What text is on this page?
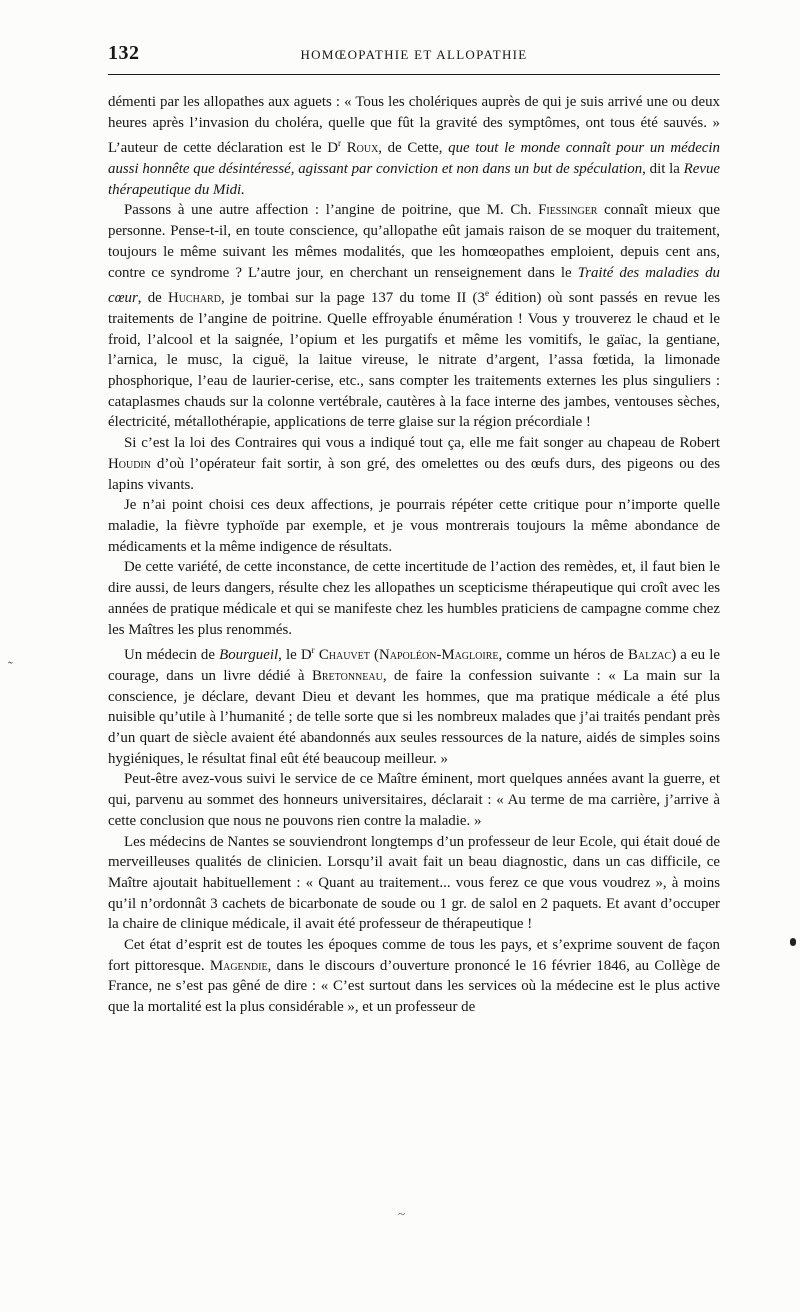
132	HOMŒOPATHIE ET ALLOPATHIE

démenti par les allopathes aux aguets : « Tous les cholériques auprès de qui je suis arrivé une ou deux heures après l’invasion du choléra, quelle que fût la gravité des symptômes, ont tous été sauvés. » L’auteur de cette déclaration est le $D^r$ Roux, de Cette, que tout le monde connaît pour un médecin aussi honnête que désintéressé, agissant par conviction et non dans un but de spéculation, dit la Revue thérapeutique du Midi.

Passons à une autre affection : l’angine de poitrine, que M. Ch. Fiessinger connaît mieux que personne. Pense-t-il, en toute conscience, qu’allopathe eût jamais raison de se moquer du traitement, toujours le même suivant les mêmes modalités, que les homœopathes emploient, depuis cent ans, contre ce syndrome ? L’autre jour, en cherchant un renseignement dans le Traité des maladies du cœur, de Huchard, je tombai sur la page 137 du tome II (3e édition) où sont passés en revue les traitements de l’angine de poitrine. Quelle effroyable énumération ! Vous y trouverez le chaud et le froid, l’alcool et la saignée, l’opium et les purgatifs et même les vomitifs, le gaïac, la gentiane, l’arnica, le musc, la ciguë, la laitue vireuse, le nitrate d’argent, l’assa fœtida, la limonade phosphorique, l’eau de laurier-cerise, etc., sans compter les traitements externes les plus singuliers : cataplasmes chauds sur la colonne vertébrale, cautères à la face interne des jambes, ventouses sèches, électricité, métallothérapie, applications de terre glaise sur la région précordiale !

Si c’est la loi des Contraires qui vous a indiqué tout ça, elle me fait songer au chapeau de Robert Houdin d’où l’opérateur fait sortir, à son gré, des omelettes ou des œufs durs, des pigeons ou des lapins vivants.

Je n’ai point choisi ces deux affections, je pourrais répéter cette critique pour n’importe quelle maladie, la fièvre typhoïde par exemple, et je vous montrerais toujours la même abondance de médicaments et la même indigence de résultats.

De cette variété, de cette inconstance, de cette incertitude de l’action des remèdes, et, il faut bien le dire aussi, de leurs dangers, résulte chez les allopathes un scepticisme thérapeutique qui croît avec les années de pratique médicale et qui se manifeste chez les humbles praticiens de campagne comme chez les Maîtres les plus renommés.

Un médecin de Bourgueil, le $D^r$ Chauvet (Napoléon-Magloire, comme un héros de Balzac) a eu le courage, dans un livre dédié à Bretonneau, de faire la confession suivante : « La main sur la conscience, je déclare, devant Dieu et devant les hommes, que ma pratique médicale a été plus nuisible qu’utile à l’humanité ; de telle sorte que si les nombreux malades que j’ai traités pendant près d’un quart de siècle avaient été abandonnés aux seules ressources de la nature, aidés de simples soins hygiéniques, le résultat final eût été beaucoup meilleur. »

Peut-être avez-vous suivi le service de ce Maître éminent, mort quelques années avant la guerre, et qui, parvenu au sommet des honneurs universitaires, déclarait : « Au terme de ma carrière, j’arrive à cette conclusion que nous ne pouvons rien contre la maladie. »

Les médecins de Nantes se souviendront longtemps d’un professeur de leur Ecole, qui était doué de merveilleuses qualités de clinicien. Lorsqu’il avait fait un beau diagnostic, dans un cas difficile, ce Maître ajoutait habituellement : « Quant au traitement... vous ferez ce que vous voudrez », à moins qu’il n’ordonnât 3 cachets de bicarbonate de soude ou 1 gr. de salol en 2 paquets. Et avant d’occuper la chaire de clinique médicale, il avait été professeur de thérapeutique !

Cet état d’esprit est de toutes les époques comme de tous les pays, et s’exprime souvent de façon fort pittoresque. Magendie, dans le discours d’ouverture prononcé le 16 février 1846, au Collège de France, ne s’est pas gêné de dire : « C’est surtout dans les services où la médecine est le plus active que la mortalité est la plus considérable », et un professeur de

˜
~
